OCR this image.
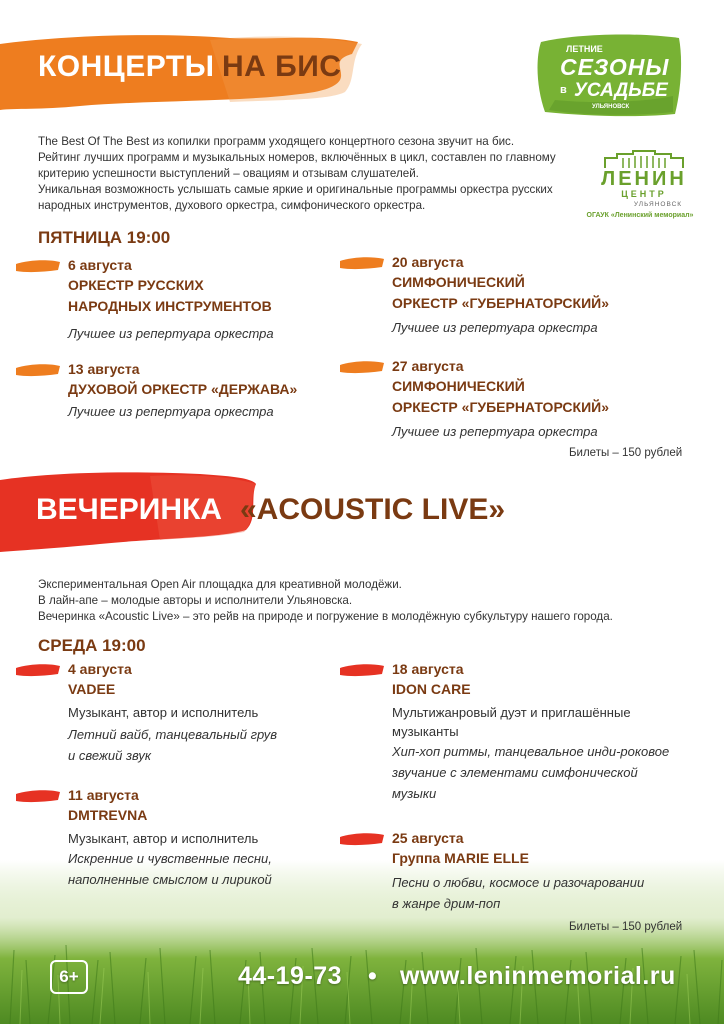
КОНЦЕРТЫ НА БИС
ЛЕТНИЕ
СЕЗОНЫ
в УСАДЬБЕ
УЛЬЯНОВСК
ЛЕНИН
ЦЕНТР
УЛЬЯНОВСК
ОГАУК «Ленинский мемориал»

The Best Of The Best из копилки программ уходящего концертного сезона звучит на бис.

Рейтинг лучших программ и музыкальных номеров, включённых в цикл, составлен по главному

критерию успешности выступлений – овациям и отзывам слушателей.

Уникальная возможность услышать самые яркие и оригинальные программы оркестра русских

народных инструментов, духового оркестра, симфонического оркестра.

ПЯТНИЦА 19:00
6 августа
ОРКЕСТР РУССКИХ
НАРОДНЫХ ИНСТРУМЕНТОВ
Лучшее из репертуара оркестра
13 августа
ДУХОВОЙ ОРКЕСТР «ДЕРЖАВА»
Лучшее из репертуара оркестра
20 августа
СИМФОНИЧЕСКИЙ
ОРКЕСТР «ГУБЕРНАТОРСКИЙ»
Лучшее из репертуара оркестра
27 августа
СИМФОНИЧЕСКИЙ
ОРКЕСТР «ГУБЕРНАТОРСКИЙ»
Лучшее из репертуара оркестра
Билеты – 150 рублей
ВЕЧЕРИНКА «ACOUSTIC LIVE»

Экспериментальная Open Air площадка для креативной молодёжи.

В лайн-апе – молодые авторы и исполнители Ульяновска.

Вечеринка «Acoustic Live» – это рейв на природе и погружение в молодёжную субкультуру нашего города.

СРЕДА 19:00
4 августа
VADEE
Музыкант, автор и исполнитель
Летний вайб, танцевальный грув
и свежий звук
11 августа
DMTREVNA
Музыкант, автор и исполнитель
Искренние и чувственные песни,
наполненные смыслом и лирикой
18 августа
IDON CARE
Мультижанровый дуэт и приглашённые
музыканты
Хип-хоп ритмы, танцевальное инди-роковое
звучание с элементами симфонической
музыки
25 августа
Группа MARIE ELLE
Песни о любви, космосе и разочаровании
в жанре дрим-поп
Билеты – 150 рублей
6+	44-19-73 • www.leninmemorial.ru
